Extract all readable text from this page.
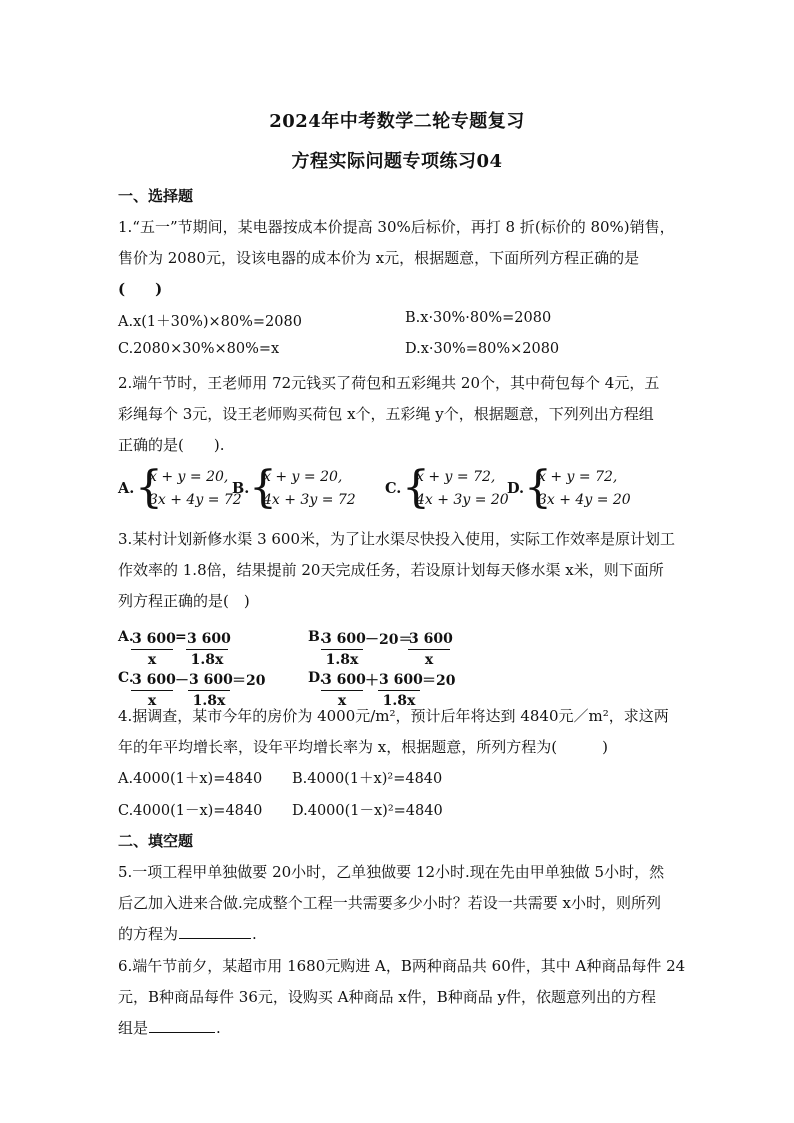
2024年中考数学二轮专题复习
方程实际问题专项练习04
一、选择题
1.“五一”节期间，某电器按成本价提高 30%后标价，再打 8 折(标价的 80%)销售，
售价为 2080元，设该电器的成本价为 x元，根据题意，下面所列方程正确的是
(　　)
A.x(1＋30%)×80%=2080	B.x·30%·80%=2080
C.2080×30%×80%=x	D.x·30%=80%×2080
2.端午节时，王老师用 72元钱买了荷包和五彩绳共 20个，其中荷包每个 4元，五
彩绳每个 3元，设王老师购买荷包 x个，五彩绳 y个，根据题意，下列列出方程组
正确的是(　　).
A. {
x + y = 20,
3x + 4y = 72
B. {
x + y = 20,
4x + 3y = 72
C. {
x + y = 72,
4x + 3y = 20
D. {
x + y = 72,
3x + 4y = 20
3.某村计划新修水渠 3 600米，为了让水渠尽快投入使用，实际工作效率是原计划工
作效率的 1.8倍，结果提前 20天完成任务，若设原计划每天修水渠 x米，则下面所
列方程正确的是(　)
A.
3 600
x
= 3 600
1.8x
B.
3 600
1.8x
－20＝
3 600
x
C.
3 600
x
－ 3 600
1.8x
＝20	D.
3 600
x
＋ 3 600
1.8x
＝20
4.据调查，某市今年的房价为 4000元/m²，预计后年将达到 4840元／m²，求这两
年的年平均增长率，设年平均增长率为 x，根据题意，所列方程为(　　　)
A.4000(1＋x)=4840 B.4000(1＋x)²=4840
C.4000(1－x)=4840 D.4000(1－x)²=4840
二、填空题
5.一项工程甲单独做要 20小时，乙单独做要 12小时.现在先由甲单独做 5小时，然
后乙加入进来合做.完成整个工程一共需要多少小时？若设一共需要 x小时，则所列
的方程为	.
6.端午节前夕，某超市用 1680元购进 A，B两种商品共 60件，其中 A种商品每件 24
元，B种商品每件 36元，设购买 A种商品 x件，B种商品 y件，依题意列出的方程
组是	.
